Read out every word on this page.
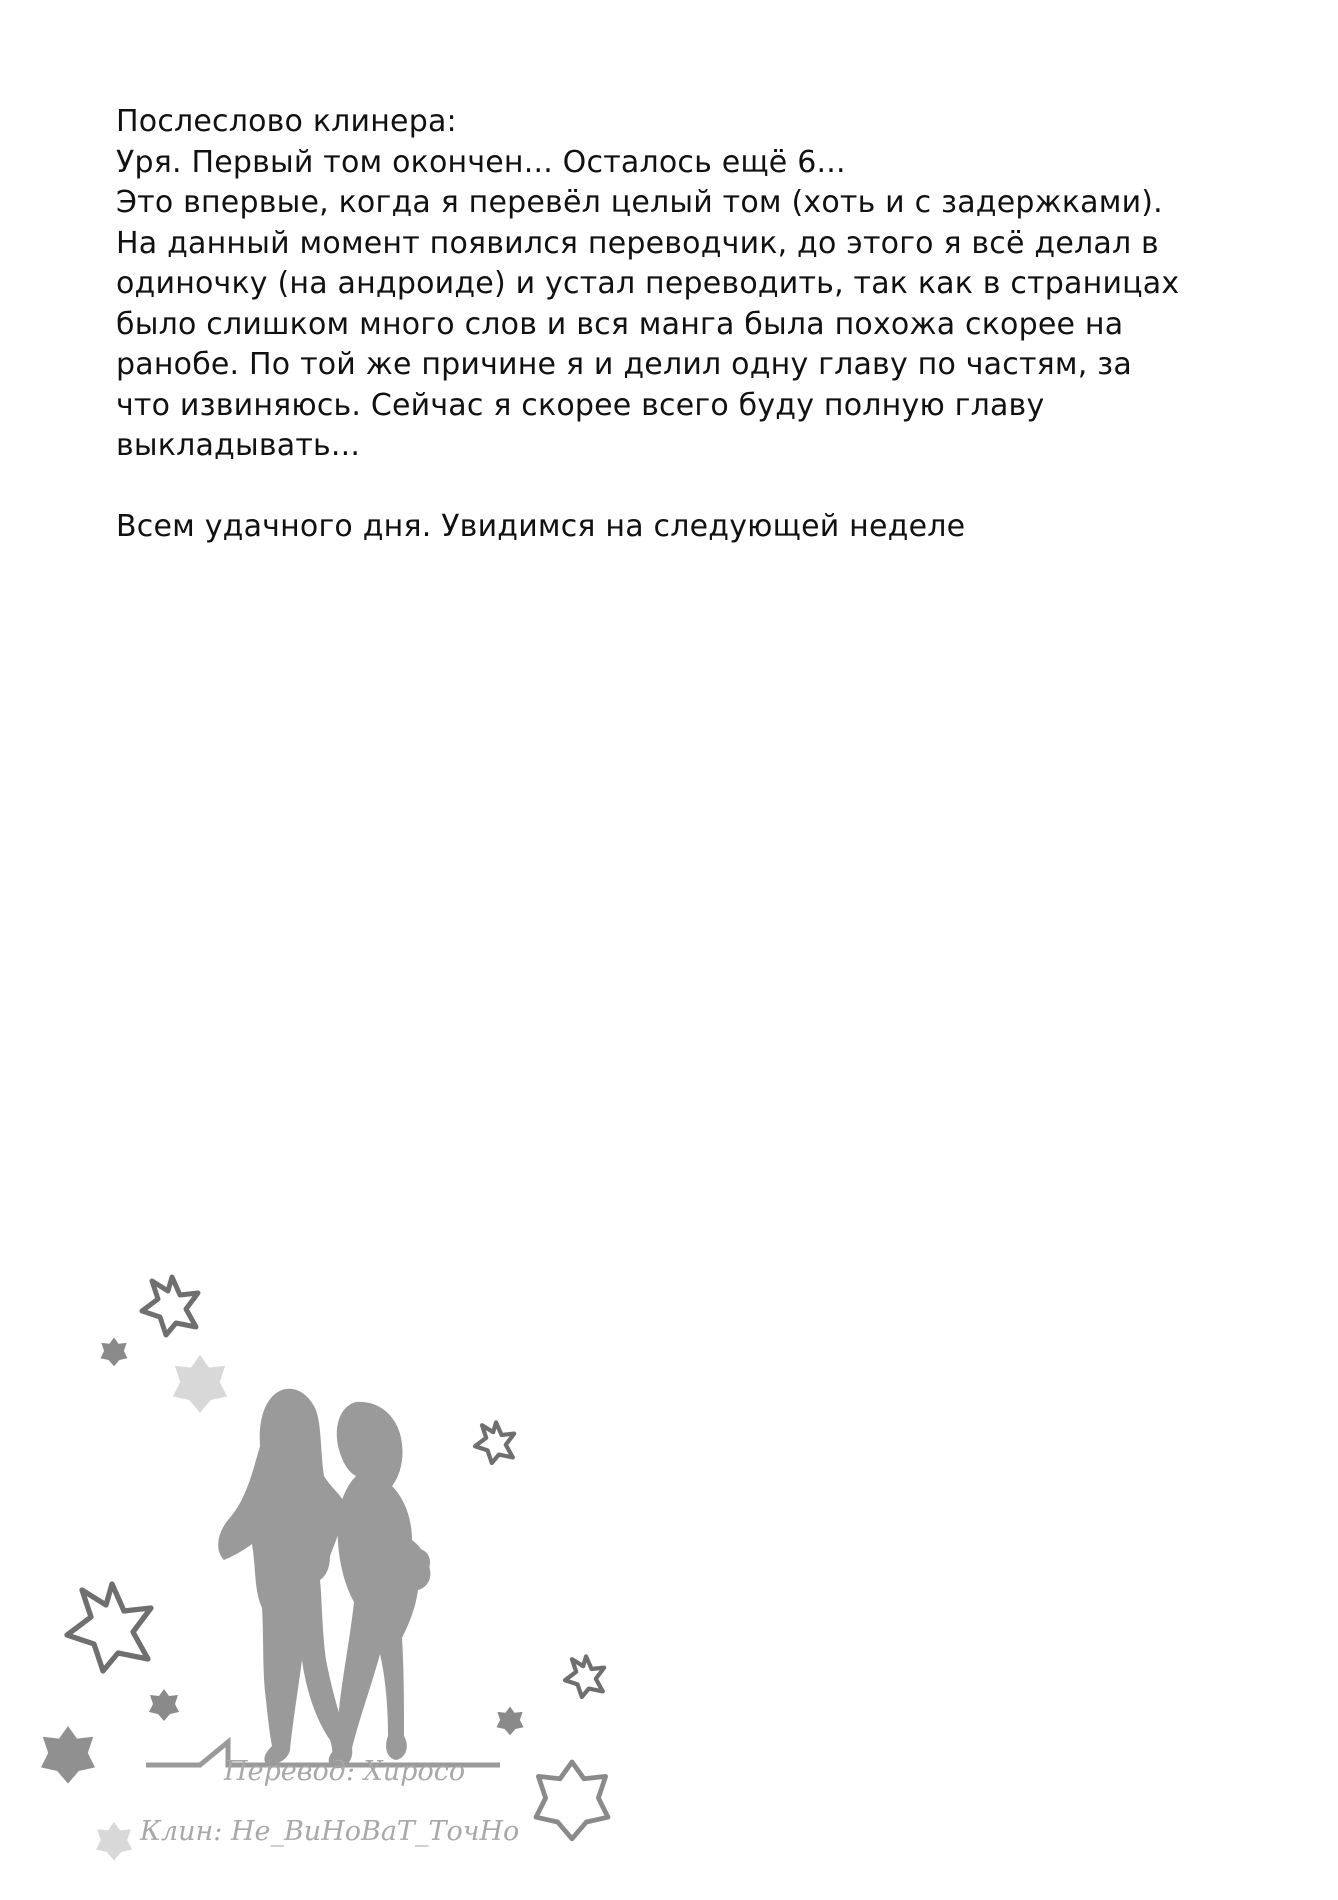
Послеслово клинера:

Уря. Первый том окончен... Осталось ещё 6...

Это впервые, когда я перевёл целый том (хоть и с задержками).

На данный момент появился переводчик, до этого я всё делал в

одиночку (на андроиде) и устал переводить, так как в страницах

было слишком много слов и вся манга была похожа скорее на

ранобе. По той же причине я и делил одну главу по частям, за

что извиняюсь. Сейчас я скорее всего буду полную главу

выкладывать...

Всем удачного дня. Увидимся на следующей неделе

Перевод: Хиросо
Клин: Не_ВиНоВаТ_ТочНо
